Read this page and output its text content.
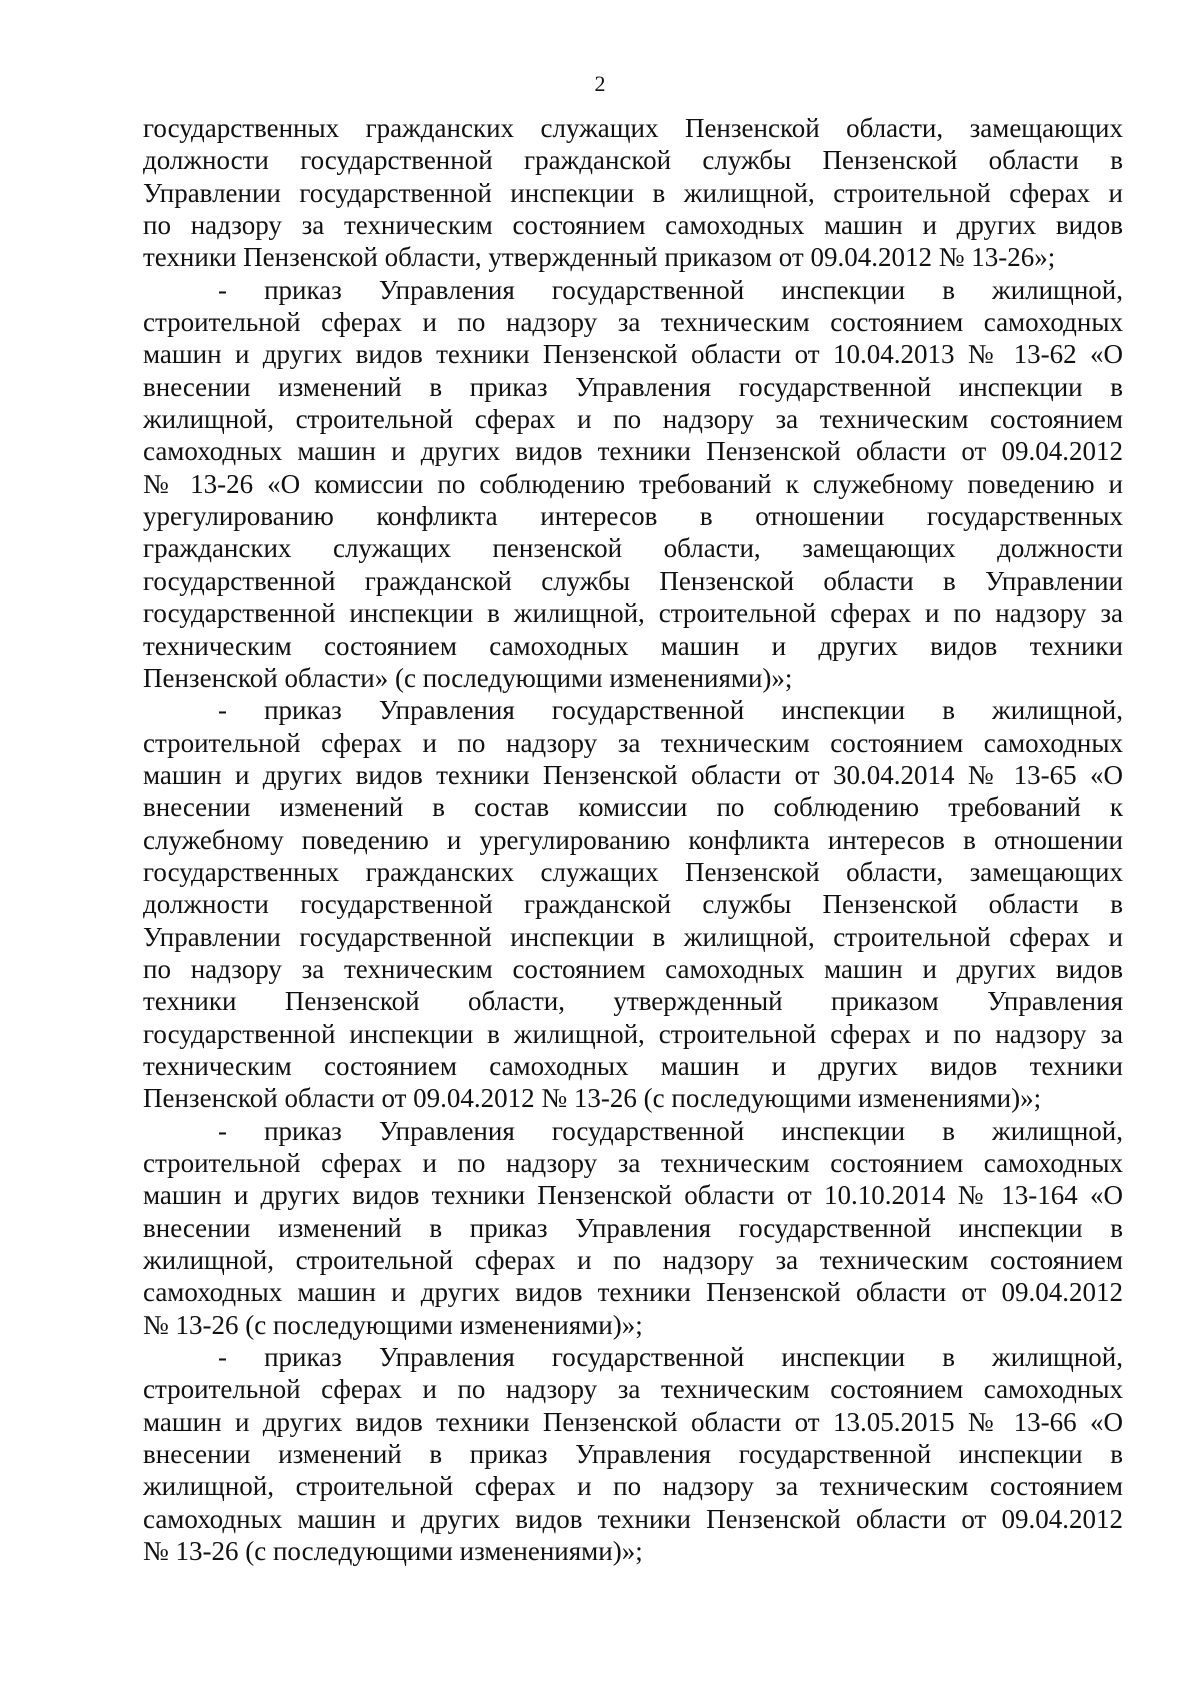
2
государственных гражданских служащих Пензенской области, замещающих
должности государственной гражданской службы Пензенской области в
Управлении государственной инспекции в жилищной, строительной сферах и
по надзору за техническим состоянием самоходных машин и других видов
техники Пензенской области, утвержденный приказом от 09.04.2012 № 13-26»;
- приказ Управления государственной инспекции в жилищной,
строительной сферах и по надзору за техническим состоянием самоходных
машин и других видов техники Пензенской области от 10.04.2013 № 13-62 «О
внесении изменений в приказ Управления государственной инспекции в
жилищной, строительной сферах и по надзору за техническим состоянием
самоходных машин и других видов техники Пензенской области от 09.04.2012
№ 13-26 «О комиссии по соблюдению требований к служебному поведению и
урегулированию конфликта интересов в отношении государственных
гражданских служащих пензенской области, замещающих должности
государственной гражданской службы Пензенской области в Управлении
государственной инспекции в жилищной, строительной сферах и по надзору за
техническим состоянием самоходных машин и других видов техники
Пензенской области» (с последующими изменениями)»;
- приказ Управления государственной инспекции в жилищной,
строительной сферах и по надзору за техническим состоянием самоходных
машин и других видов техники Пензенской области от 30.04.2014 № 13-65 «О
внесении изменений в состав комиссии по соблюдению требований к
служебному поведению и урегулированию конфликта интересов в отношении
государственных гражданских служащих Пензенской области, замещающих
должности государственной гражданской службы Пензенской области в
Управлении государственной инспекции в жилищной, строительной сферах и
по надзору за техническим состоянием самоходных машин и других видов
техники Пензенской области, утвержденный приказом Управления
государственной инспекции в жилищной, строительной сферах и по надзору за
техническим состоянием самоходных машин и других видов техники
Пензенской области от 09.04.2012 № 13-26 (с последующими изменениями)»;
- приказ Управления государственной инспекции в жилищной,
строительной сферах и по надзору за техническим состоянием самоходных
машин и других видов техники Пензенской области от 10.10.2014 № 13-164 «О
внесении изменений в приказ Управления государственной инспекции в
жилищной, строительной сферах и по надзору за техническим состоянием
самоходных машин и других видов техники Пензенской области от 09.04.2012
№ 13-26 (с последующими изменениями)»;
- приказ Управления государственной инспекции в жилищной,
строительной сферах и по надзору за техническим состоянием самоходных
машин и других видов техники Пензенской области от 13.05.2015 № 13-66 «О
внесении изменений в приказ Управления государственной инспекции в
жилищной, строительной сферах и по надзору за техническим состоянием
самоходных машин и других видов техники Пензенской области от 09.04.2012
№ 13-26 (с последующими изменениями)»;
